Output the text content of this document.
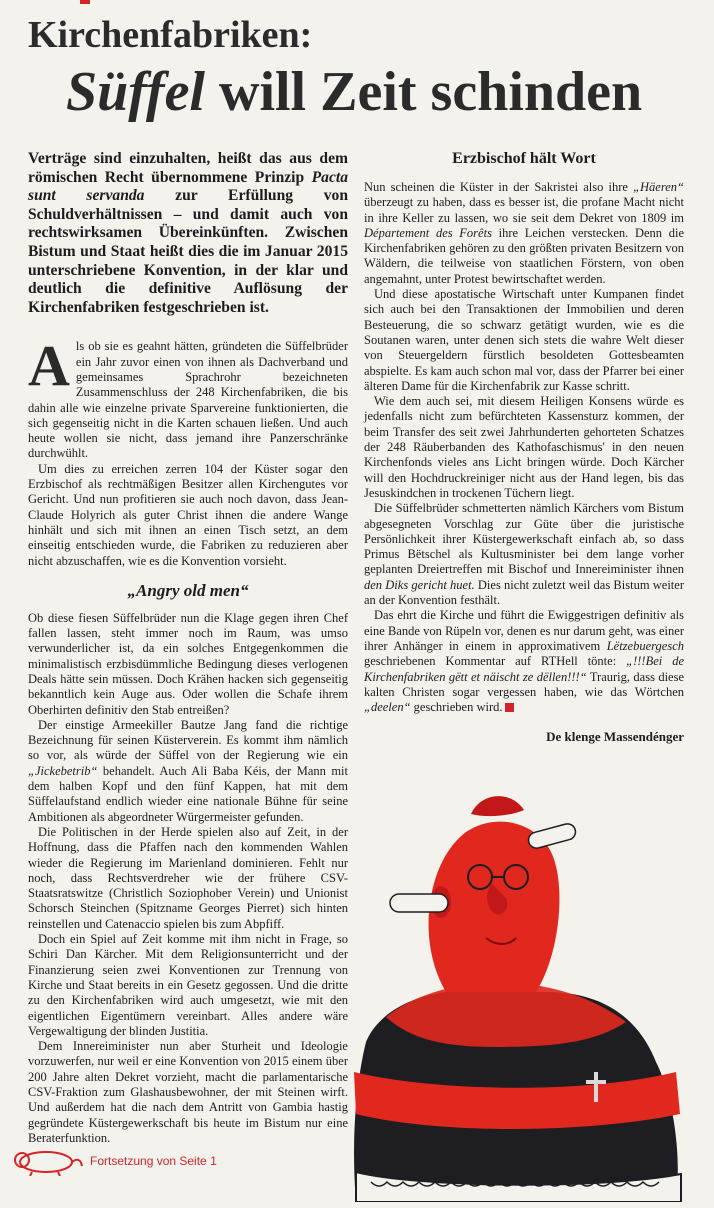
Kirchenfabriken:
Süffel will Zeit schinden
Verträge sind einzuhalten, heißt das aus dem römischen Recht übernommene Prinzip Pacta sunt servanda zur Erfüllung von Schuldverhältnissen – und damit auch von rechtswirksamen Übereinkünften. Zwischen Bistum und Staat heißt dies die im Januar 2015 unterschriebene Konvention, in der klar und deutlich die definitive Auflösung der Kirchenfabriken festgeschrieben ist.

Als ob sie es geahnt hätten, gründeten die Süffelbrüder ein Jahr zuvor einen von ihnen als Dachverband und gemeinsames Sprachrohr bezeichneten Zusammenschluss der 248 Kirchenfabriken, die bis dahin alle wie einzelne private Sparvereine funktionierten, die sich gegenseitig nicht in die Karten schauen ließen. Und auch heute wollen sie nicht, dass jemand ihre Panzerschränke durchwühlt.

Um dies zu erreichen zerren 104 der Küster sogar den Erzbischof als rechtmäßigen Besitzer allen Kirchengutes vor Gericht. Und nun profitieren sie auch noch davon, dass Jean-Claude Holyrich als guter Christ ihnen die andere Wange hinhält und sich mit ihnen an einen Tisch setzt, an dem einseitig entschieden wurde, die Fabriken zu reduzieren aber nicht abzuschaffen, wie es die Konvention vorsieht.

„Angry old men“

Ob diese fiesen Süffelbrüder nun die Klage gegen ihren Chef fallen lassen, steht immer noch im Raum, was umso verwunderlicher ist, da ein solches Entgegenkommen die minimalistisch erzbisdümmliche Bedingung dieses verlogenen Deals hätte sein müssen. Doch Krähen hacken sich gegenseitig bekanntlich kein Auge aus. Oder wollen die Schafe ihrem Oberhirten definitiv den Stab entreißen?

Der einstige Armeekiller Bautze Jang fand die richtige Bezeichnung für seinen Küsterverein. Es kommt ihm nämlich so vor, als würde der Süffel von der Regierung wie ein „Jickebetrib“ behandelt. Auch Ali Baba Kéis, der Mann mit dem halben Kopf und den fünf Kappen, hat mit dem Süffelaufstand endlich wieder eine nationale Bühne für seine Ambitionen als abgeordneter Würgermeister gefunden.

Die Politischen in der Herde spielen also auf Zeit, in der Hoffnung, dass die Pfaffen nach den kommenden Wahlen wieder die Regierung im Marienland dominieren. Fehlt nur noch, dass Rechtsverdreher wie der frühere CSV-Staatsratswitze (Christlich Soziophober Verein) und Unionist Schorsch Steinchen (Spitzname Georges Pierret) sich hinten reinstellen und Catenaccio spielen bis zum Abpfiff.

Doch ein Spiel auf Zeit komme mit ihm nicht in Frage, so Schiri Dan Kärcher. Mit dem Religionsunterricht und der Finanzierung seien zwei Konventionen zur Trennung von Kirche und Staat bereits in ein Gesetz gegossen. Und die dritte zu den Kirchenfabriken wird auch umgesetzt, wie mit den eigentlichen Eigentümern vereinbart. Alles andere wäre Vergewaltigung der blinden Justitia.

Dem Innereiminister nun aber Sturheit und Ideologie vorzuwerfen, nur weil er eine Konvention von 2015 einem über 200 Jahre alten Dekret vorzieht, macht die parlamentarische CSV-Fraktion zum Glashausbewohner, der mit Steinen wirft. Und außerdem hat die nach dem Antritt von Gambia hastig gegründete Küstergewerkschaft bis heute im Bistum nur eine Beraterfunktion.

Erzbischof hält Wort

Nun scheinen die Küster in der Sakristei also ihre „Häeren“ überzeugt zu haben, dass es besser ist, die profane Macht nicht in ihre Keller zu lassen, wo sie seit dem Dekret von 1809 im Département des Forêts ihre Leichen verstecken. Denn die Kirchenfabriken gehören zu den größten privaten Besitzern von Wäldern, die teilweise von staatlichen Förstern, von oben angemahnt, unter Protest bewirtschaftet werden.

Und diese apostatische Wirtschaft unter Kumpanen findet sich auch bei den Transaktionen der Immobilien und deren Besteuerung, die so schwarz getätigt wurden, wie es die Soutanen waren, unter denen sich stets die wahre Welt dieser von Steuergeldern fürstlich besoldeten Gottesbeamten abspielte. Es kam auch schon mal vor, dass der Pfarrer bei einer älteren Dame für die Kirchenfabrik zur Kasse schritt.

Wie dem auch sei, mit diesem Heiligen Konsens würde es jedenfalls nicht zum befürchteten Kassensturz kommen, der beim Transfer des seit zwei Jahrhunderten gehorteten Schatzes der 248 Räuberbanden des Kathofaschismus' in den neuen Kirchenfonds vieles ans Licht bringen würde. Doch Kärcher will den Hochdruckreiniger nicht aus der Hand legen, bis das Jesuskindchen in trockenen Tüchern liegt.

Die Süffelbrüder schmetterten nämlich Kärchers vom Bistum abgesegneten Vorschlag zur Güte über die juristische Persönlichkeit ihrer Küstergewerkschaft einfach ab, so dass Primus Bëtschel als Kultusminister bei dem lange vorher geplanten Dreiertreffen mit Bischof und Innereiminister ihnen den Diks gericht huet. Dies nicht zuletzt weil das Bistum weiter an der Konvention festhält.

Das ehrt die Kirche und führt die Ewiggestrigen definitiv als eine Bande von Rüpeln vor, denen es nur darum geht, was einer ihrer Anhänger in einem in approximativem Lëtzebuergesch geschriebenen Kommentar auf RTHell tönte: „!!!Bei de Kirchenfabriken gëtt et näischt ze dëllen!!!“ Traurig, dass diese kalten Christen sogar vergessen haben, wie das Wörtchen „deelen“ geschrieben wird.

De klenge Massendénger
Fortsetzung von Seite 1
